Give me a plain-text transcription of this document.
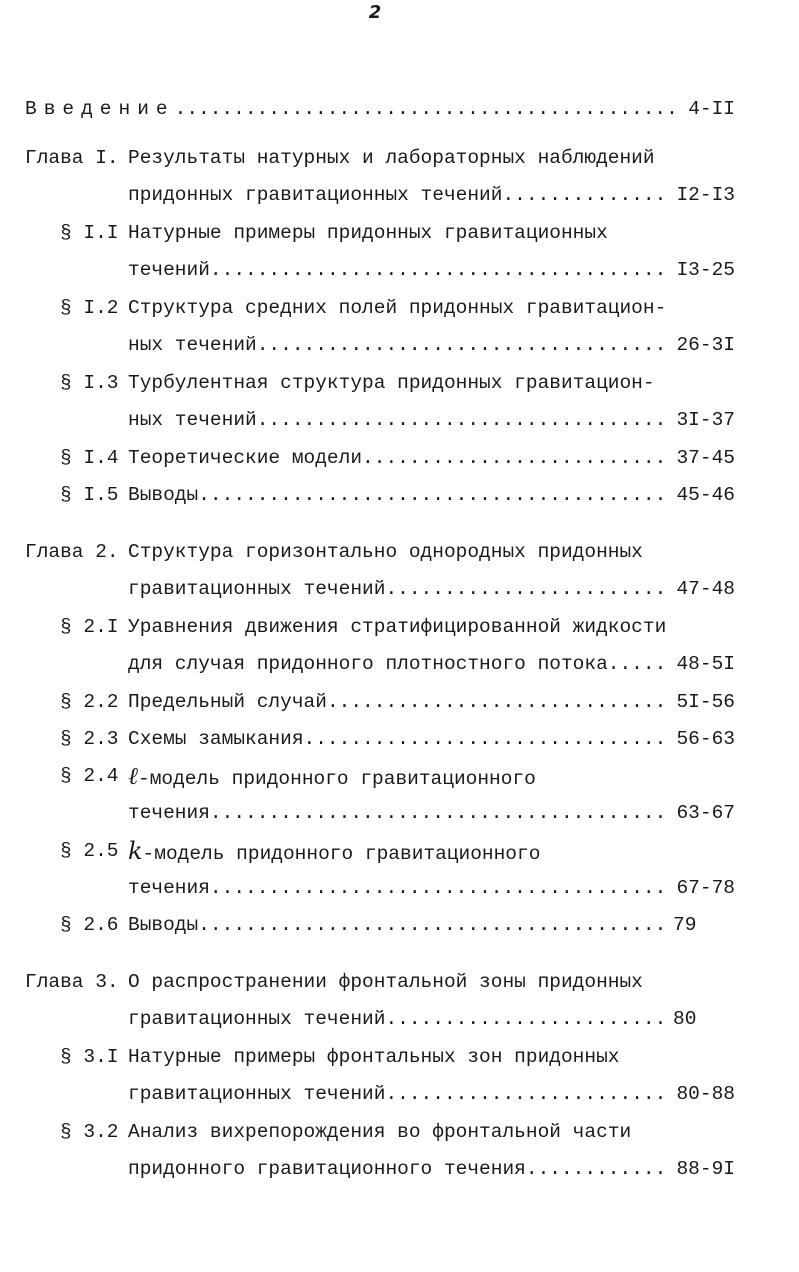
2
Введение .....	4-II
Глава I. Результаты натурных и лабораторных наблюдений
придонных гравитационных течений .....	I2-I3
§ I.I Натурные примеры придонных гравитационных
течений .....	I3-25
§ I.2 Структура средних полей придонных гравитацион-
ных течений .....	26-3I
§ I.3 Турбулентная структура придонных гравитацион-
ных течений .....	3I-37
§ I.4 Теоретические модели .....	37-45
§ I.5 Выводы .....	45-46
Глава 2. Структура горизонтально однородных придонных
гравитационных течений .....	47-48
§ 2.I Уравнения движения стратифицированной жидкости
для случая придонного плотностного потока .....	48-5I
§ 2.2 Предельный случай .....	5I-56
§ 2.3 Схемы замыкания .....	56-63
§ 2.4 ℓ-модель придонного гравитационного
течения .....	63-67
§ 2.5 k-модель придонного гравитационного
течения .....	67-78
§ 2.6 Выводы .....	79
Глава 3. О распространении фронтальной зоны придонных
гравитационных течений .....	80
§ 3.I Натурные примеры фронтальных зон придонных
гравитационных течений .....	80-88
§ 3.2 Анализ вихрепорождения во фронтальной части
придонного гравитационного течения .....	88-9I
